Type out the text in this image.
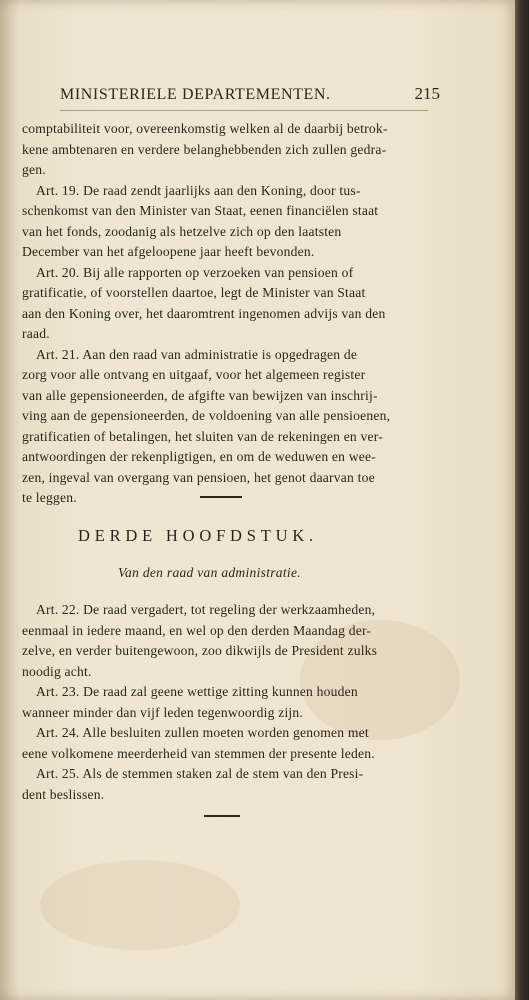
MINISTERIELE DEPARTEMENTEN.	215
comptabiliteit voor, overeenkomstig welken al de daarbij betrok-
kene ambtenaren en verdere belanghebbenden zich zullen gedra-
gen.
Art. 19. De raad zendt jaarlijks aan den Koning, door tus-
schenkomst van den Minister van Staat, eenen financiëlen staat
van het fonds, zoodanig als hetzelve zich op den laatsten
December van het afgeloopene jaar heeft bevonden.
Art. 20. Bij alle rapporten op verzoeken van pensioen of
gratificatie, of voorstellen daartoe, legt de Minister van Staat
aan den Koning over, het daaromtrent ingenomen advijs van den
raad.
Art. 21. Aan den raad van administratie is opgedragen de
zorg voor alle ontvang en uitgaaf, voor het algemeen register
van alle gepensioneerden, de afgifte van bewijzen van inschrij-
ving aan de gepensioneerden, de voldoening van alle pensioenen,
gratificatien of betalingen, het sluiten van de rekeningen en ver-
antwoordingen der rekenpligtigen, en om de weduwen en wee-
zen, ingeval van overgang van pensioen, het genot daarvan toe
te leggen.
DERDE HOOFDSTUK.
Van den raad van administratie.
Art. 22. De raad vergadert, tot regeling der werkzaamheden,
eenmaal in iedere maand, en wel op den derden Maandag der-
zelve, en verder buitengewoon, zoo dikwijls de President zulks
noodig acht.
Art. 23. De raad zal geene wettige zitting kunnen houden
wanneer minder dan vijf leden tegenwoordig zijn.
Art. 24. Alle besluiten zullen moeten worden genomen met
eene volkomene meerderheid van stemmen der presente leden.
Art. 25. Als de stemmen staken zal de stem van den Presi-
dent beslissen.
